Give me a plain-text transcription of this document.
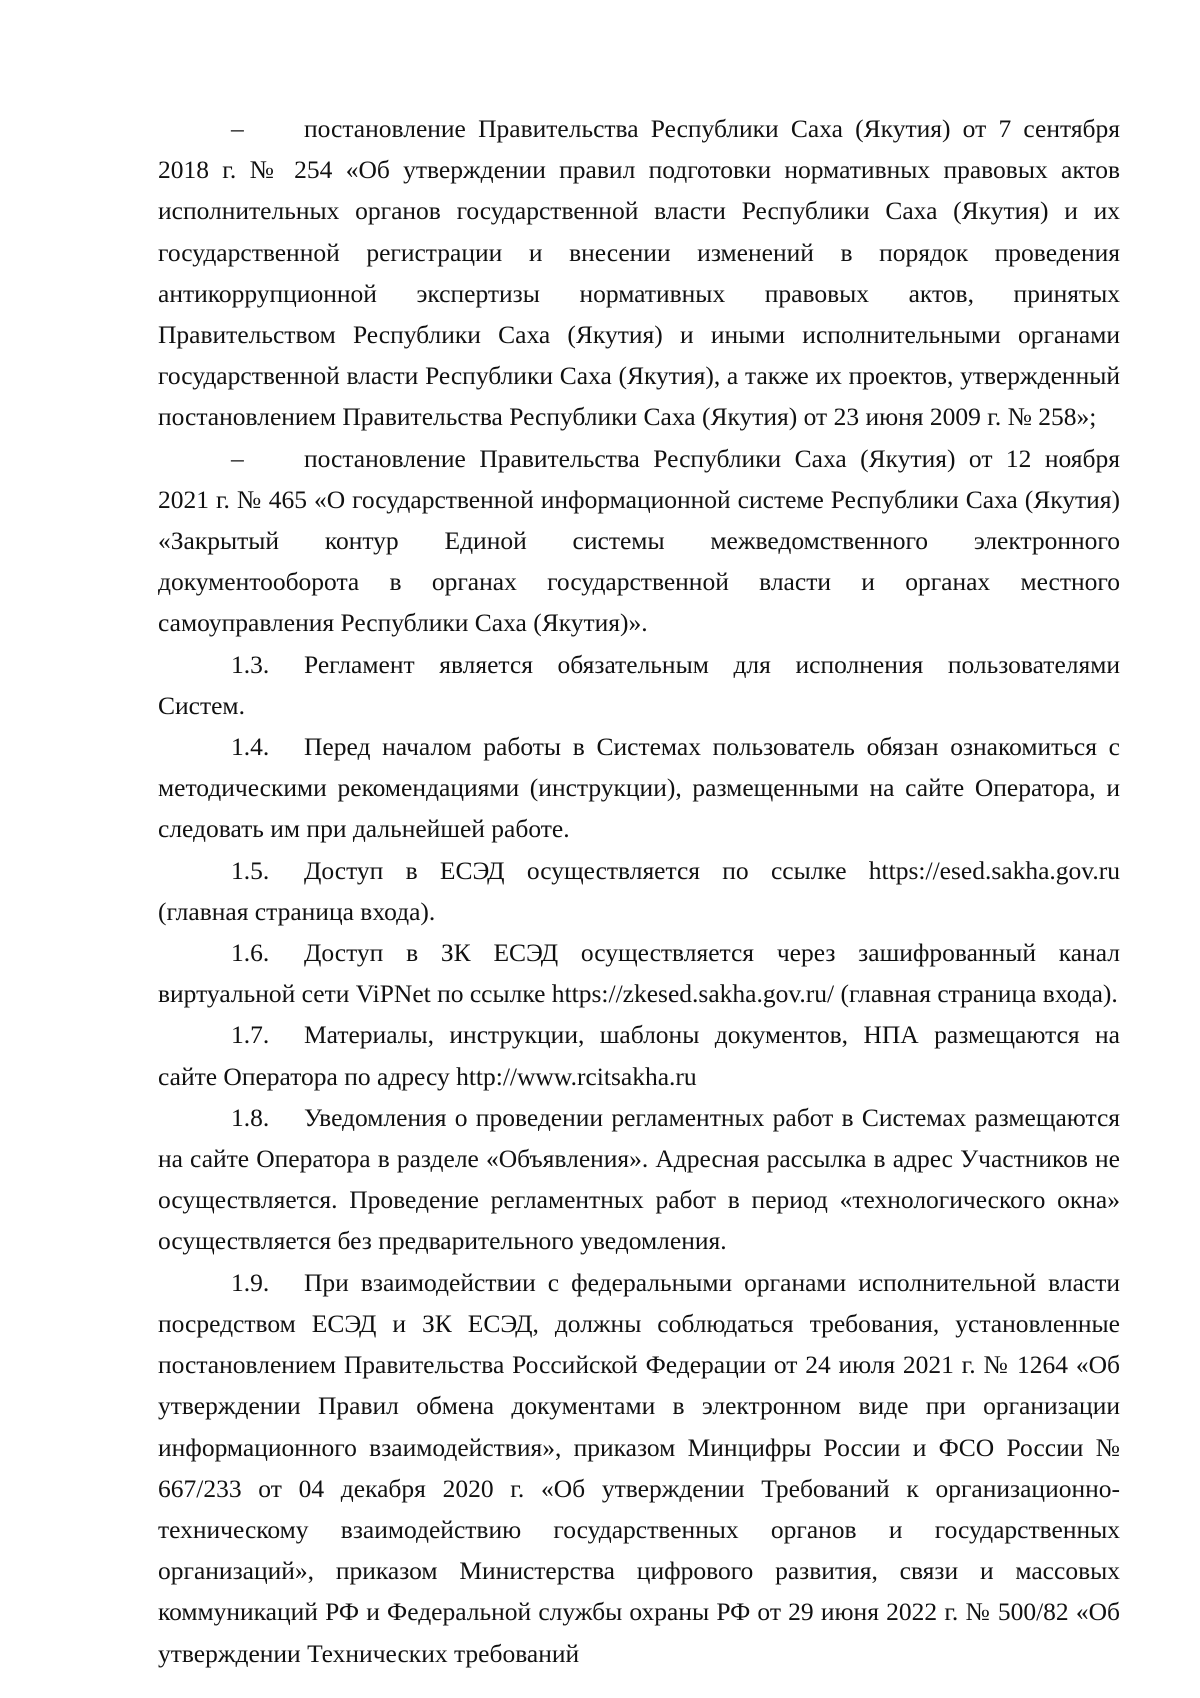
– постановление Правительства Республики Саха (Якутия) от 7 сентября 2018 г. № 254 «Об утверждении правил подготовки нормативных правовых актов исполнительных органов государственной власти Республики Саха (Якутия) и их государственной регистрации и внесении изменений в порядок проведения антикоррупционной экспертизы нормативных правовых актов, принятых Правительством Республики Саха (Якутия) и иными исполнительными органами государственной власти Республики Саха (Якутия), а также их проектов, утвержденный постановлением Правительства Республики Саха (Якутия) от 23 июня 2009 г. № 258»;

– постановление Правительства Республики Саха (Якутия) от 12 ноября 2021 г. № 465 «О государственной информационной системе Республики Саха (Якутия) «Закрытый контур Единой системы межведомственного электронного документооборота в органах государственной власти и органах местного самоуправления Республики Саха (Якутия)».

1.3. Регламент является обязательным для исполнения пользователями Систем.

1.4. Перед началом работы в Системах пользователь обязан ознакомиться с методическими рекомендациями (инструкции), размещенными на сайте Оператора, и следовать им при дальнейшей работе.

1.5. Доступ в ЕСЭД осуществляется по ссылке https://esed.sakha.gov.ru (главная страница входа).

1.6. Доступ в ЗК ЕСЭД осуществляется через зашифрованный канал виртуальной сети ViPNet по ссылке https://zkesed.sakha.gov.ru/ (главная страница входа).

1.7. Материалы, инструкции, шаблоны документов, НПА размещаются на сайте Оператора по адресу http://www.rcitsakha.ru

1.8. Уведомления о проведении регламентных работ в Системах размещаются на сайте Оператора в разделе «Объявления». Адресная рассылка в адрес Участников не осуществляется. Проведение регламентных работ в период «технологического окна» осуществляется без предварительного уведомления.

1.9. При взаимодействии с федеральными органами исполнительной власти посредством ЕСЭД и ЗК ЕСЭД, должны соблюдаться требования, установленные постановлением Правительства Российской Федерации от 24 июля 2021 г. № 1264 «Об утверждении Правил обмена документами в электронном виде при организации информационного взаимодействия», приказом Минцифры России и ФСО России № 667/233 от 04 декабря 2020 г. «Об утверждении Требований к организационно-техническому взаимодействию государственных органов и государственных организаций», приказом Министерства цифрового развития, связи и массовых коммуникаций РФ и Федеральной службы охраны РФ от 29 июня 2022 г. № 500/82 «Об утверждении Технических требований
